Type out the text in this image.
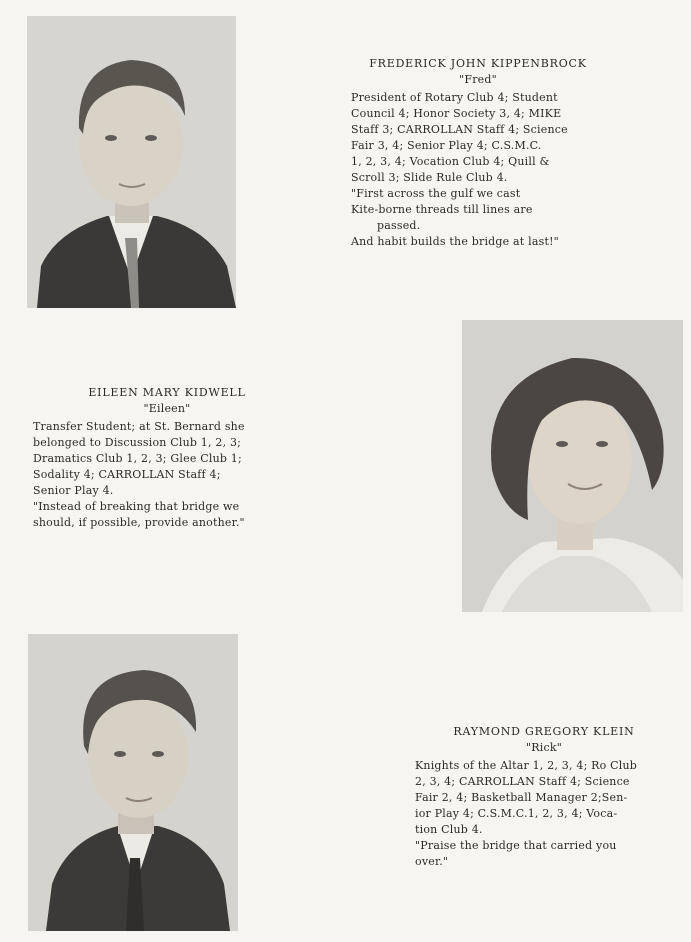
FREDERICK JOHN KIPPENBROCK
"Fred"
President of Rotary Club 4; Student
Council 4; Honor Society 3, 4; MIKE
Staff 3; CARROLLAN Staff 4; Science
Fair 3, 4; Senior Play 4; C.S.M.C.
1, 2, 3, 4; Vocation Club 4; Quill &
Scroll 3; Slide Rule Club 4.
"First across the gulf we cast
Kite-borne threads till lines are
passed.
And habit builds the bridge at last!"
EILEEN MARY KIDWELL
"Eileen"
Transfer Student; at St. Bernard she
belonged to Discussion Club 1, 2, 3;
Dramatics Club 1, 2, 3; Glee Club 1;
Sodality 4; CARROLLAN Staff 4;
Senior Play 4.
"Instead of breaking that bridge we
should, if possible, provide another."
RAYMOND GREGORY KLEIN
"Rick"
Knights of the Altar 1, 2, 3, 4; Ro Club
2, 3, 4; CARROLLAN Staff 4; Science
Fair 2, 4; Basketball Manager 2;Sen-
ior Play 4; C.S.M.C.1, 2, 3, 4; Voca-
tion Club 4.
"Praise the bridge that carried you
over."
